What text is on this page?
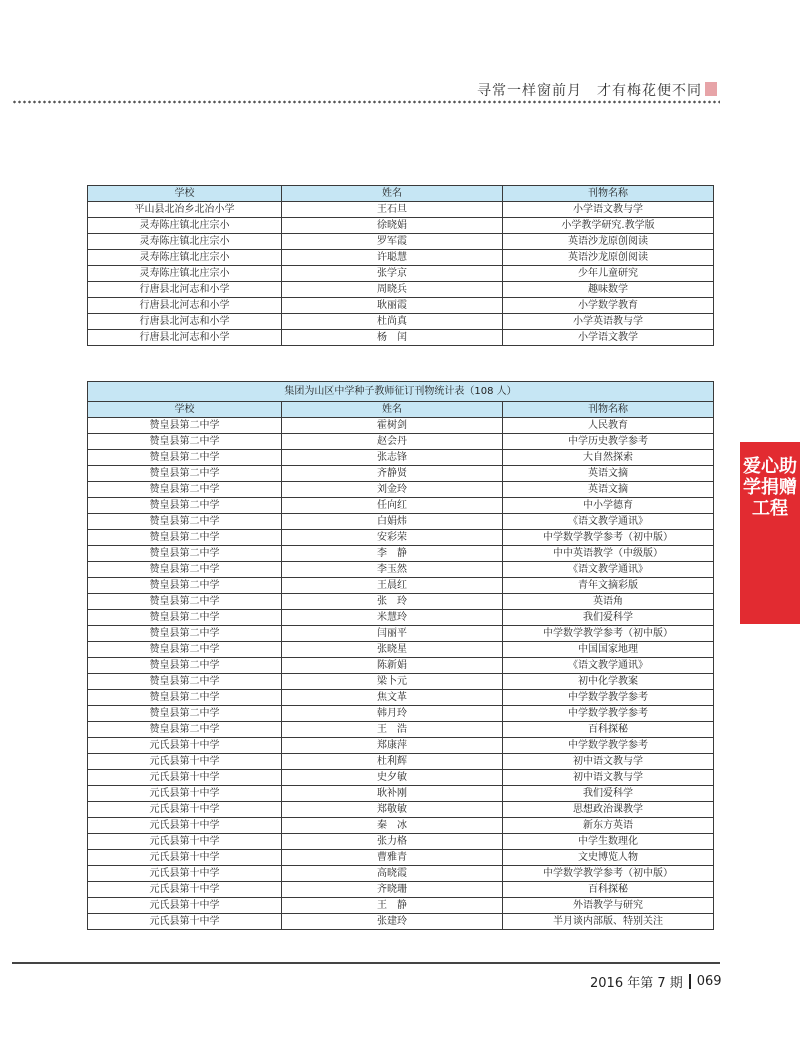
寻常一样窗前月　才有梅花便不同
学校	姓名	刊物名称
平山县北冶乡北冶小学	王石旦	小学语文教与学
灵寿陈庄镇北庄宗小	徐晓娟	小学教学研究.教学版
灵寿陈庄镇北庄宗小	罗军霞	英语沙龙原创阅读
灵寿陈庄镇北庄宗小	许聪慧	英语沙龙原创阅读
灵寿陈庄镇北庄宗小	张学京	少年儿童研究
行唐县北河志和小学	周晓兵	趣味数学
行唐县北河志和小学	耿丽霞	小学数学教育
行唐县北河志和小学	杜尚真	小学英语教与学
行唐县北河志和小学	杨　闰	小学语文教学
集团为山区中学种子教师征订刊物统计表（108 人）		
学校	姓名	刊物名称
赞皇县第二中学	霍树剑	人民教育
赞皇县第二中学	赵会丹	中学历史教学参考
赞皇县第二中学	张志锋	大自然探索
赞皇县第二中学	齐静贤	英语文摘
赞皇县第二中学	刘金玲	英语文摘
赞皇县第二中学	任向红	中小学德育
赞皇县第二中学	白娟炜	《语文教学通讯》
赞皇县第二中学	安彩荣	中学数学教学参考（初中版）
赞皇县第二中学	李　静	中中英语教学（中级版）
赞皇县第二中学	李玉然	《语文教学通讯》
赞皇县第二中学	王晨红	青年文摘彩版
赞皇县第二中学	张　玲	英语角
赞皇县第二中学	米慧玲	我们爱科学
赞皇县第二中学	闫丽平	中学数学教学参考（初中版）
赞皇县第二中学	张晓星	中国国家地理
赞皇县第二中学	陈新娟	《语文教学通讯》
赞皇县第二中学	梁卜元	初中化学教案
赞皇县第二中学	焦文革	中学数学教学参考
赞皇县第二中学	韩月玲	中学数学教学参考
赞皇县第二中学	王　浩	百科探秘
元氏县第十中学	郑康萍	中学数学教学参考
元氏县第十中学	杜利辉	初中语文教与学
元氏县第十中学	史夕敏	初中语文教与学
元氏县第十中学	耿补刚	我们爱科学
元氏县第十中学	郑敬敏	思想政治课教学
元氏县第十中学	秦　冰	新东方英语
元氏县第十中学	张力格	中学生数理化
元氏县第十中学	曹雅青	文史博览人物
元氏县第十中学	高晓霞	中学数学教学参考（初中版）
元氏县第十中学	齐晓珊	百科探秘
元氏县第十中学	王　静	外语教学与研究
元氏县第十中学	张建玲	半月谈内部版、特别关注
爱心助学捐赠工程
2016 年第 7 期 069
